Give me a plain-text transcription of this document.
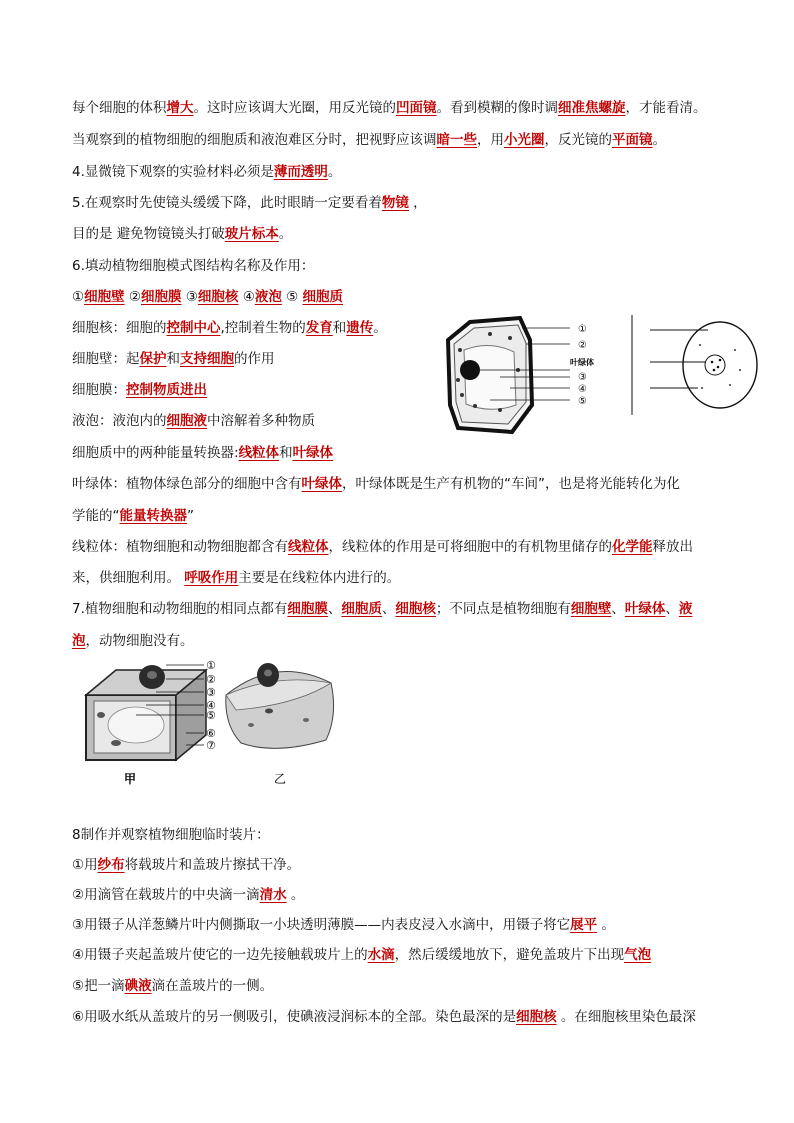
每个细胞的体积增大。这时应该调大光圈，用反光镜的凹面镜。看到模糊的像时调细准焦螺旋，才能看清。
当观察到的植物细胞的细胞质和液泡难区分时，把视野应该调暗一些，用小光圈，反光镜的平面镜。
4.显微镜下观察的实验材料必须是薄而透明。
5.在观察时先使镜头缓缓下降，此时眼睛一定要看着物镜 ，
目的是 避免物镜镜头打破玻片标本。
6.填动植物细胞模式图结构名称及作用：
①细胞壁 ②细胞膜 ③细胞核 ④液泡 ⑤ 细胞质
细胞核：细胞的控制中心,控制着生物的发育和遗传。
细胞壁：起保护和支持细胞的作用
细胞膜：控制物质进出
液泡：液泡内的细胞液中溶解着多种物质
细胞质中的两种能量转换器:线粒体和叶绿体
叶绿体：植物体绿色部分的细胞中含有叶绿体，叶绿体既是生产有机物的“车间”，也是将光能转化为化
学能的“能量转换器”
线粒体：植物细胞和动物细胞都含有线粒体，线粒体的作用是可将细胞中的有机物里储存的化学能释放出
来，供细胞利用。 呼吸作用主要是在线粒体内进行的。
7.植物细胞和动物细胞的相同点都有细胞膜、细胞质、细胞核；不同点是植物细胞有细胞壁、叶绿体、液
泡，动物细胞没有。
8制作并观察植物细胞临时装片：
①用纱布将载玻片和盖玻片擦拭干净。
②用滴管在载玻片的中央滴一滴清水 。
③用镊子从洋葱鳞片叶内侧撕取一小块透明薄膜——内表皮浸入水滴中，用镊子将它展平 。
④用镊子夹起盖玻片使它的一边先接触载玻片上的水滴，然后缓缓地放下，避免盖玻片下出现气泡
⑤把一滴碘液滴在盖玻片的一侧。
⑥用吸水纸从盖玻片的另一侧吸引，使碘液浸润标本的全部。染色最深的是细胞核 。在细胞核里染色最深
①
②
叶绿体
③
④
⑤
甲
①
②
③
④
⑤
⑥
⑦
乙
